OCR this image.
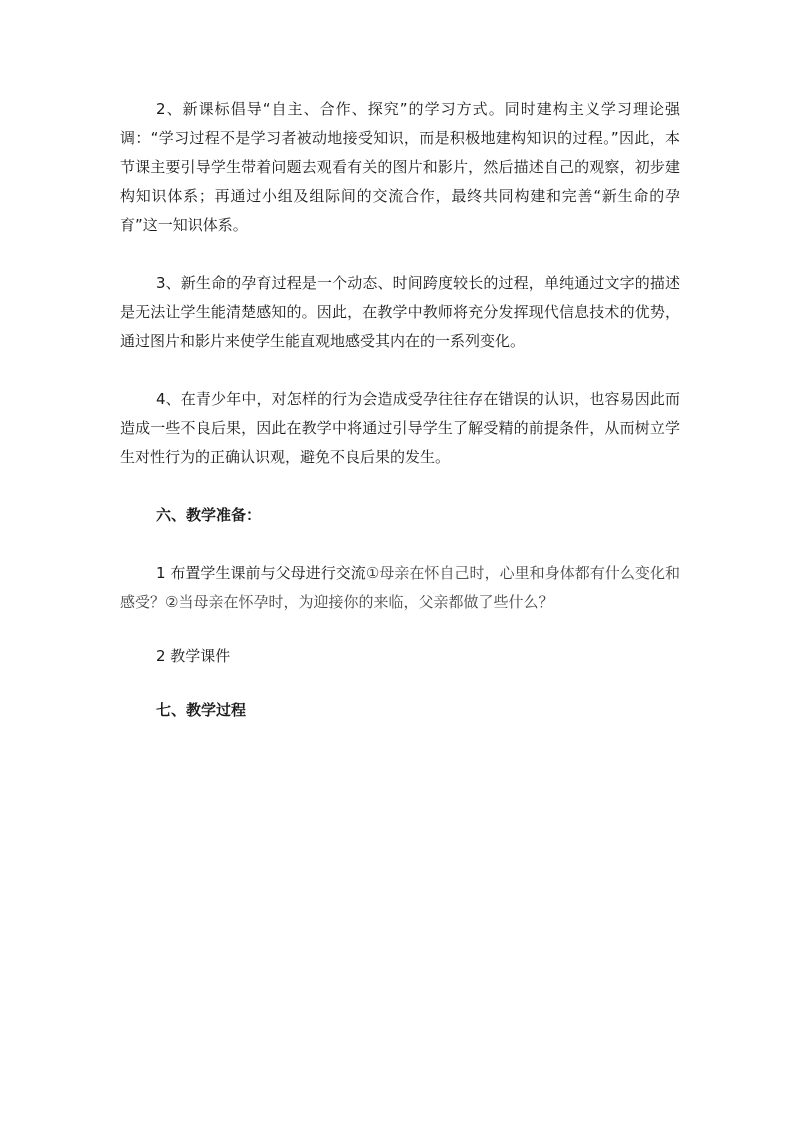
2、新课标倡导“自主、合作、探究”的学习方式。同时建构主义学习理论强调：“学习过程不是学习者被动地接受知识，而是积极地建构知识的过程。”因此，本节课主要引导学生带着问题去观看有关的图片和影片，然后描述自己的观察，初步建构知识体系；再通过小组及组际间的交流合作，最终共同构建和完善“新生命的孕育”这一知识体系。

3、新生命的孕育过程是一个动态、时间跨度较长的过程，单纯通过文字的描述是无法让学生能清楚感知的。因此，在教学中教师将充分发挥现代信息技术的优势，通过图片和影片来使学生能直观地感受其内在的一系列变化。

4、在青少年中，对怎样的行为会造成受孕往往存在错误的认识，也容易因此而造成一些不良后果，因此在教学中将通过引导学生了解受精的前提条件，从而树立学生对性行为的正确认识观，避免不良后果的发生。

六、教学准备：

1 布置学生课前与父母进行交流①母亲在怀自己时，心里和身体都有什么变化和感受？②当母亲在怀孕时，为迎接你的来临，父亲都做了些什么？

2 教学课件

七、教学过程
